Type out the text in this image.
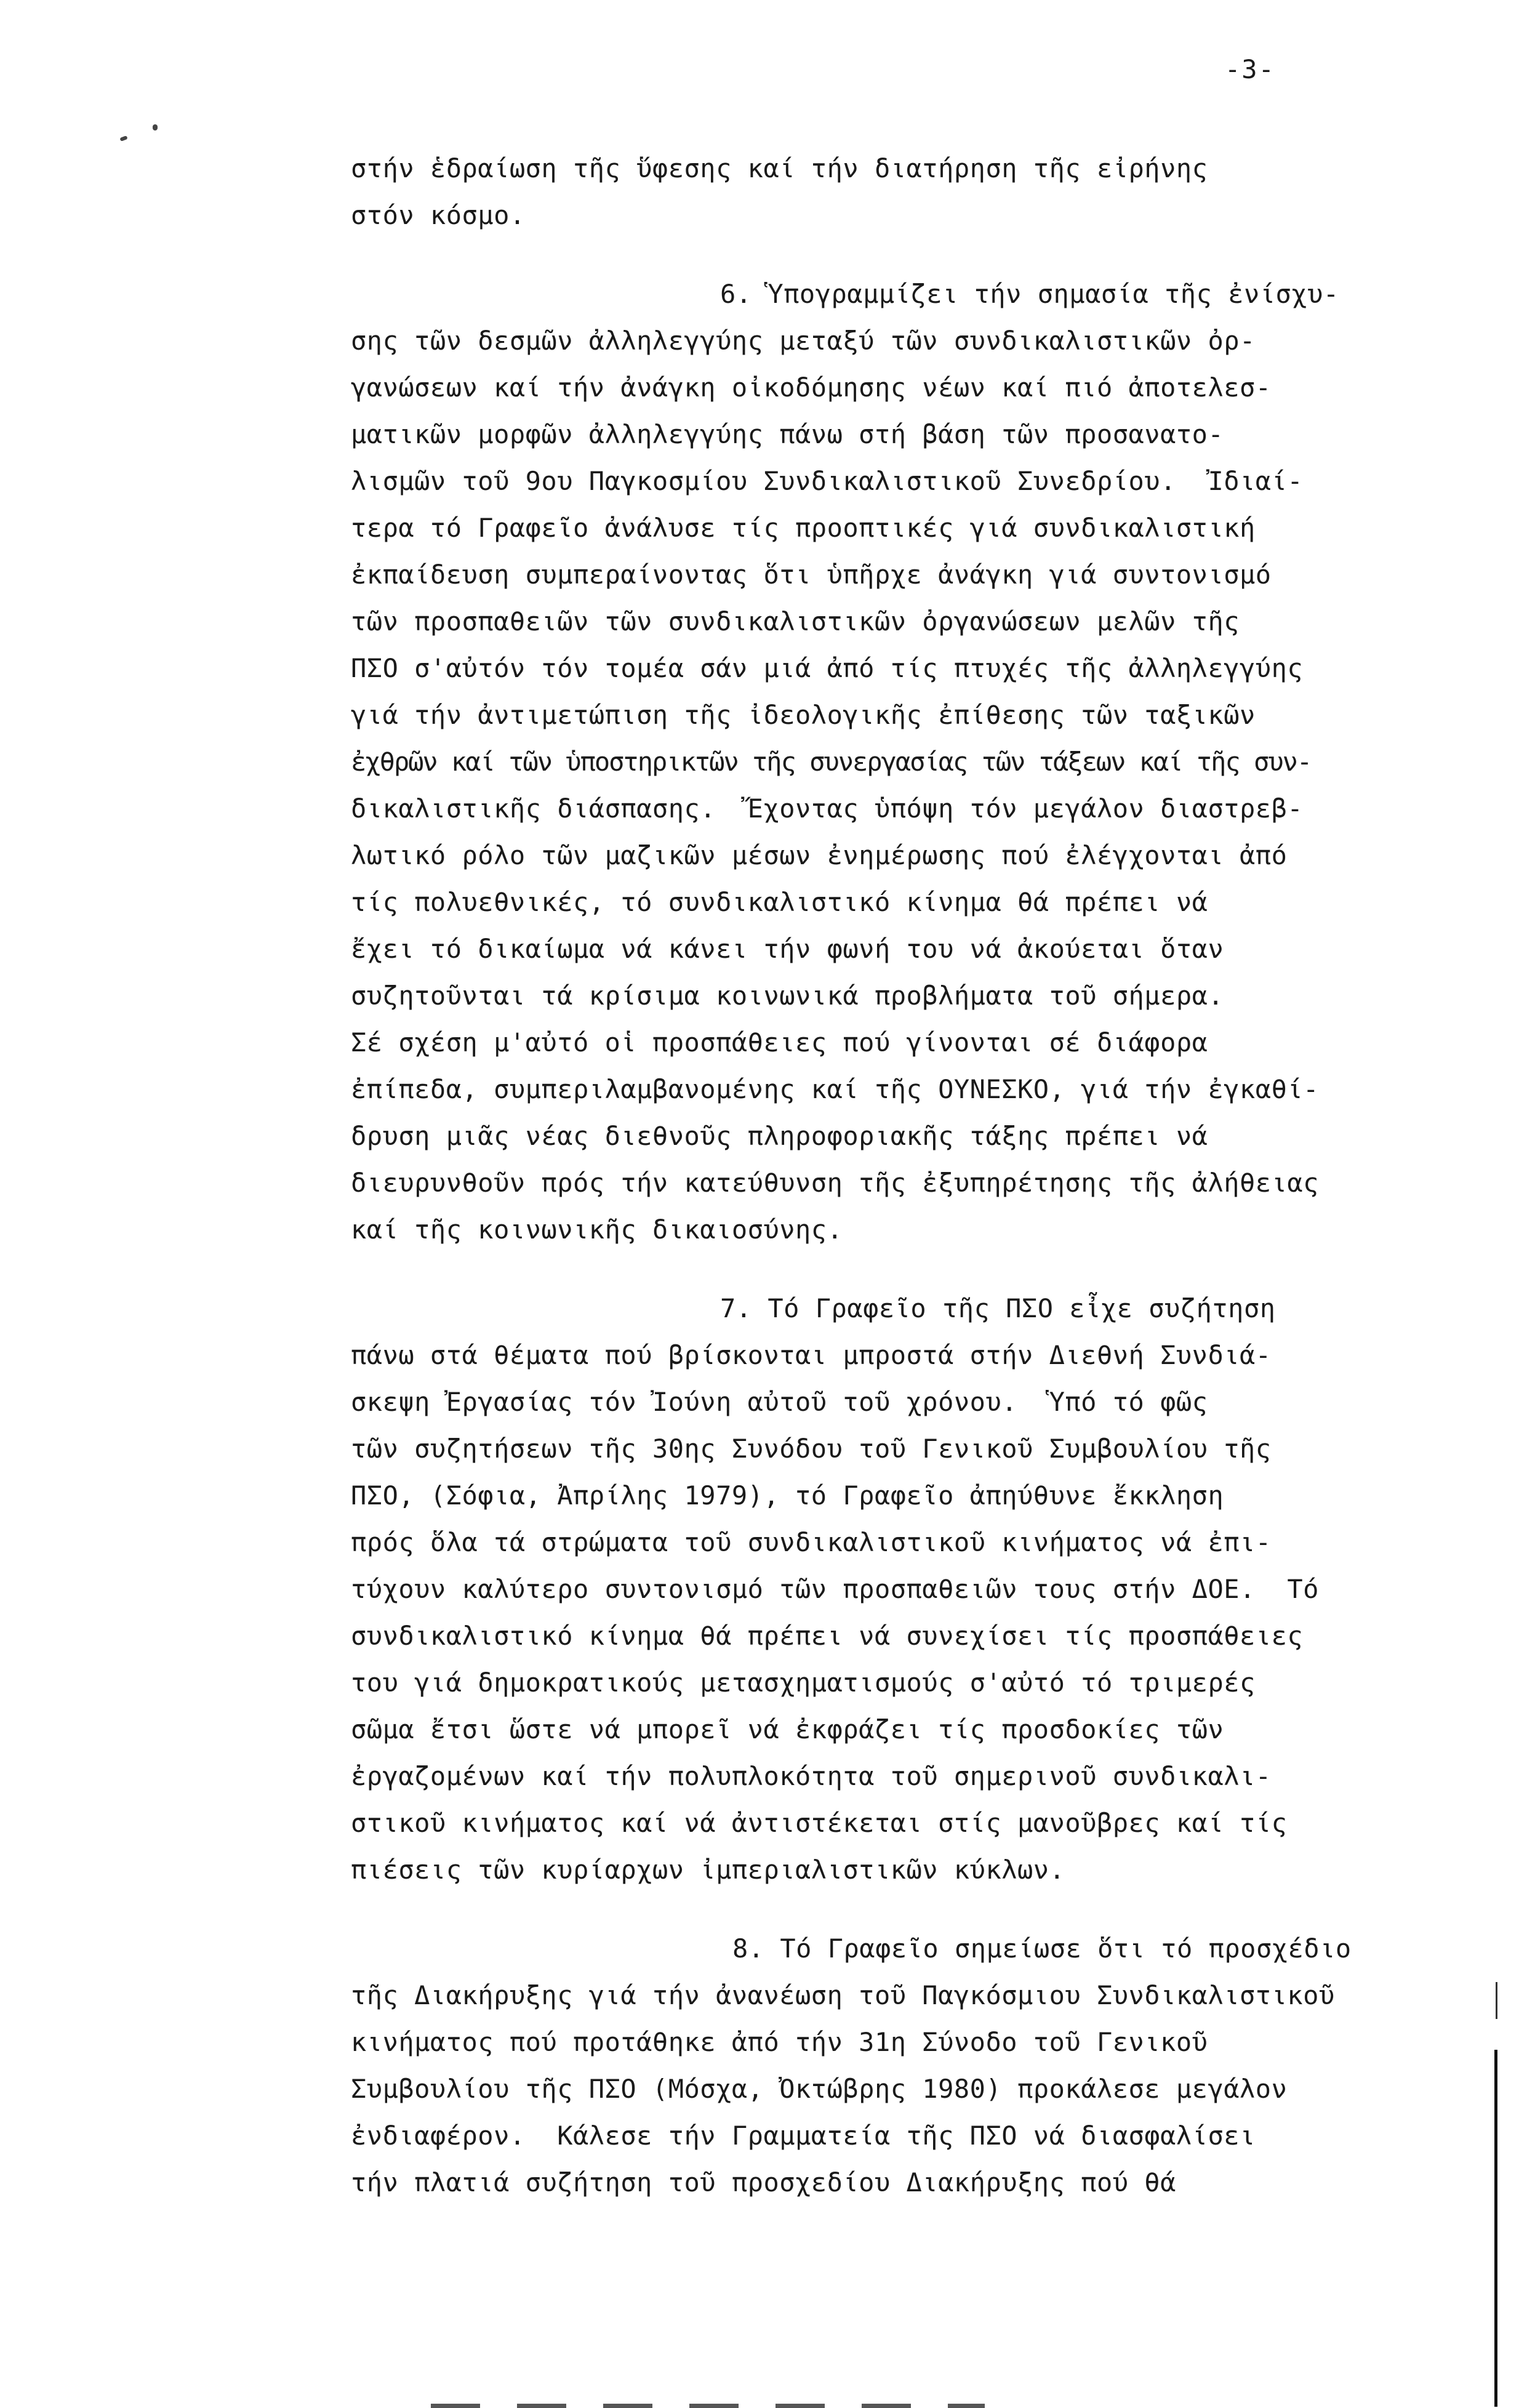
-3-
στήν ἑδραίωση τῆς ὕφεσης καί τήν διατήρηση τῆς εἰρήνης
στόν κόσμο.
6. Ὑπογραμμίζει τήν σημασία τῆς ἐνίσχυ-
σης τῶν δεσμῶν ἀλληλεγγύης μεταξύ τῶν συνδικαλιστικῶν ὀρ-
γανώσεων καί τήν ἀνάγκη οἰκοδόμησης νέων καί πιό ἀποτελεσ-
ματικῶν μορφῶν ἀλληλεγγύης πάνω στή βάση τῶν προσανατο-
λισμῶν τοῦ 9ου Παγκοσμίου Συνδικαλιστικοῦ Συνεδρίου.  Ἰδιαί-
τερα τό Γραφεῖο ἀνάλυσε τίς προοπτικές γιά συνδικαλιστική
ἐκπαίδευση συμπεραίνοντας ὅτι ὑπῆρχε ἀνάγκη γιά συντονισμό
τῶν προσπαθειῶν τῶν συνδικαλιστικῶν ὀργανώσεων μελῶν τῆς
ΠΣΟ σ'αὐτόν τόν τομέα σάν μιά ἀπό τίς πτυχές τῆς ἀλληλεγγύης
γιά τήν ἀντιμετώπιση τῆς ἰδεολογικῆς ἐπίθεσης τῶν ταξικῶν
ἐχθρῶν καί τῶν ὑποστηρικτῶν τῆς συνεργασίας τῶν τάξεων καί τῆς συν-
δικαλιστικῆς διάσπασης.  Ἔχοντας ὑπόψη τόν μεγάλον διαστρεβ-
λωτικό ρόλο τῶν μαζικῶν μέσων ἐνημέρωσης πού ἐλέγχονται ἀπό
τίς πολυεθνικές, τό συνδικαλιστικό κίνημα θά πρέπει νά
ἔχει τό δικαίωμα νά κάνει τήν φωνή του νά ἀκούεται ὅταν
συζητοῦνται τά κρίσιμα κοινωνικά προβλήματα τοῦ σήμερα.
Σέ σχέση μ'αὐτό οἱ προσπάθειες πού γίνονται σέ διάφορα
ἐπίπεδα, συμπεριλαμβανομένης καί τῆς ΟΥΝΕΣΚΟ, γιά τήν ἐγκαθί-
δρυση μιᾶς νέας διεθνοῦς πληροφοριακῆς τάξης πρέπει νά
διευρυνθοῦν πρός τήν κατεύθυνση τῆς ἐξυπηρέτησης τῆς ἀλήθειας
καί τῆς κοινωνικῆς δικαιοσύνης.
7. Τό Γραφεῖο τῆς ΠΣΟ εἶχε συζήτηση
πάνω στά θέματα πού βρίσκονται μπροστά στήν Διεθνή Συνδιά-
σκεψη Ἐργασίας τόν Ἰούνη αὐτοῦ τοῦ χρόνου.  Ὑπό τό φῶς
τῶν συζητήσεων τῆς 30ης Συνόδου τοῦ Γενικοῦ Συμβουλίου τῆς
ΠΣΟ, (Σόφια, Ἀπρίλης 1979), τό Γραφεῖο ἀπηύθυνε ἔκκληση
πρός ὅλα τά στρώματα τοῦ συνδικαλιστικοῦ κινήματος νά ἐπι-
τύχουν καλύτερο συντονισμό τῶν προσπαθειῶν τους στήν ΔΟΕ.  Τό
συνδικαλιστικό κίνημα θά πρέπει νά συνεχίσει τίς προσπάθειες
του γιά δημοκρατικούς μετασχηματισμούς σ'αὐτό τό τριμερές
σῶμα ἔτσι ὥστε νά μπορεῖ νά ἐκφράζει τίς προσδοκίες τῶν
ἐργαζομένων καί τήν πολυπλοκότητα τοῦ σημερινοῦ συνδικαλι-
στικοῦ κινήματος καί νά ἀντιστέκεται στίς μανοῦβρες καί τίς
πιέσεις τῶν κυρίαρχων ἰμπεριαλιστικῶν κύκλων.
8. Τό Γραφεῖο σημείωσε ὅτι τό προσχέδιο
τῆς Διακήρυξης γιά τήν ἀνανέωση τοῦ Παγκόσμιου Συνδικαλιστικοῦ
κινήματος πού προτάθηκε ἀπό τήν 31η Σύνοδο τοῦ Γενικοῦ
Συμβουλίου τῆς ΠΣΟ (Μόσχα, Ὀκτώβρης 1980) προκάλεσε μεγάλον
ἐνδιαφέρον.  Κάλεσε τήν Γραμματεία τῆς ΠΣΟ νά διασφαλίσει
τήν πλατιά συζήτηση τοῦ προσχεδίου Διακήρυξης πού θά
